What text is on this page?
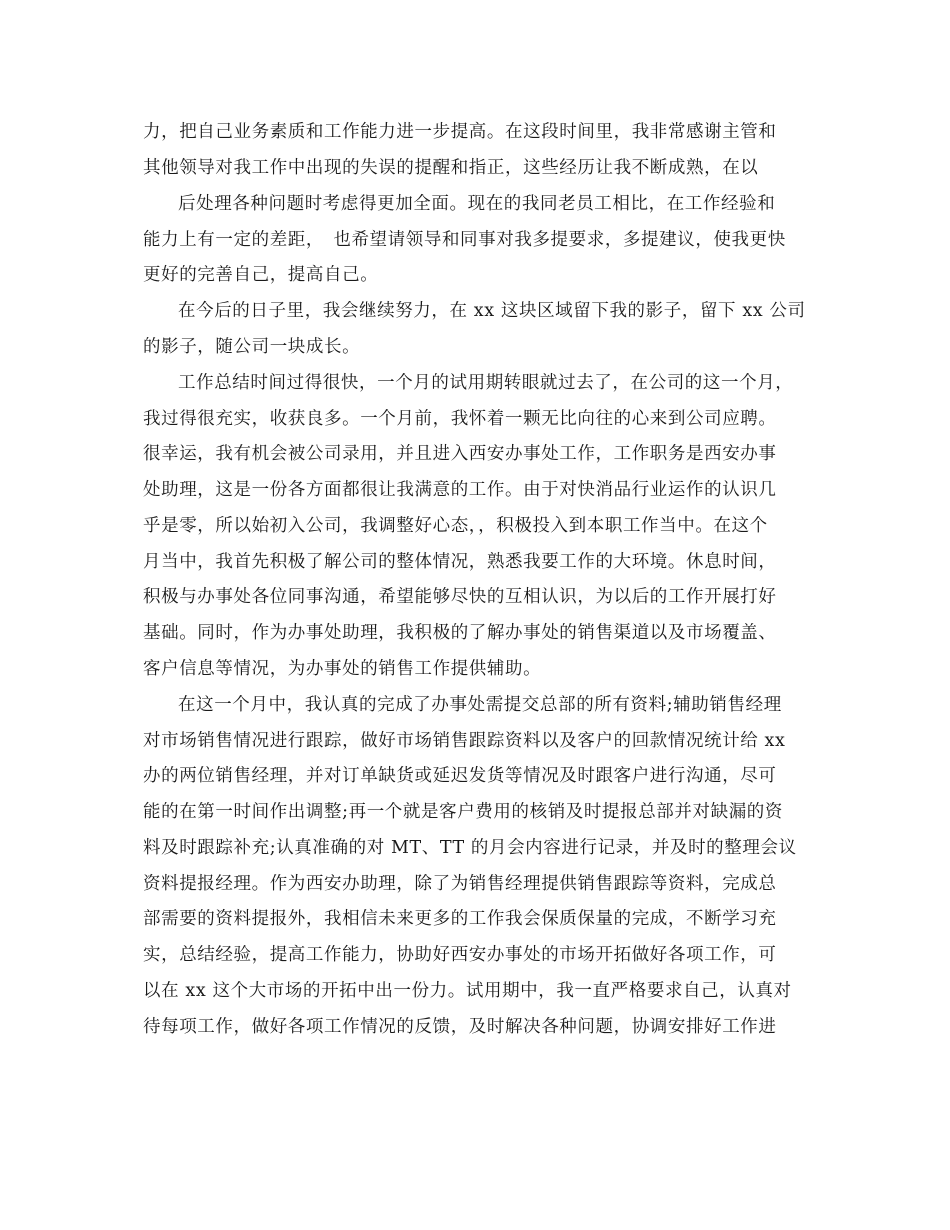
力，把自己业务素质和工作能力进一步提高。在这段时间里，我非常感谢主管和
其他领导对我工作中出现的失误的提醒和指正，这些经历让我不断成熟，在以
后处理各种问题时考虑得更加全面。现在的我同老员工相比，在工作经验和
能力上有一定的差距，　也希望请领导和同事对我多提要求，多提建议，使我更快
更好的完善自己，提高自己。
在今后的日子里，我会继续努力，在 xx 这块区域留下我的影子，留下 xx 公司
的影子，随公司一块成长。
工作总结时间过得很快，一个月的试用期转眼就过去了，在公司的这一个月，
我过得很充实，收获良多。一个月前，我怀着一颗无比向往的心来到公司应聘。
很幸运，我有机会被公司录用，并且进入西安办事处工作，工作职务是西安办事
处助理，这是一份各方面都很让我满意的工作。由于对快消品行业运作的认识几
乎是零，所以始初入公司，我调整好心态，，积极投入到本职工作当中。在这个
月当中，我首先积极了解公司的整体情况，熟悉我要工作的大环境。休息时间，
积极与办事处各位同事沟通，希望能够尽快的互相认识，为以后的工作开展打好
基础。同时，作为办事处助理，我积极的了解办事处的销售渠道以及市场覆盖、
客户信息等情况，为办事处的销售工作提供辅助。
在这一个月中，我认真的完成了办事处需提交总部的所有资料;辅助销售经理
对市场销售情况进行跟踪，做好市场销售跟踪资料以及客户的回款情况统计给 xx
办的两位销售经理，并对订单缺货或延迟发货等情况及时跟客户进行沟通，尽可
能的在第一时间作出调整;再一个就是客户费用的核销及时提报总部并对缺漏的资
料及时跟踪补充;认真准确的对 MT、TT 的月会内容进行记录，并及时的整理会议
资料提报经理。作为西安办助理，除了为销售经理提供销售跟踪等资料，完成总
部需要的资料提报外，我相信未来更多的工作我会保质保量的完成，不断学习充
实，总结经验，提高工作能力，协助好西安办事处的市场开拓做好各项工作，可
以在 xx 这个大市场的开拓中出一份力。试用期中，我一直严格要求自己，认真对
待每项工作，做好各项工作情况的反馈，及时解决各种问题，协调安排好工作进
